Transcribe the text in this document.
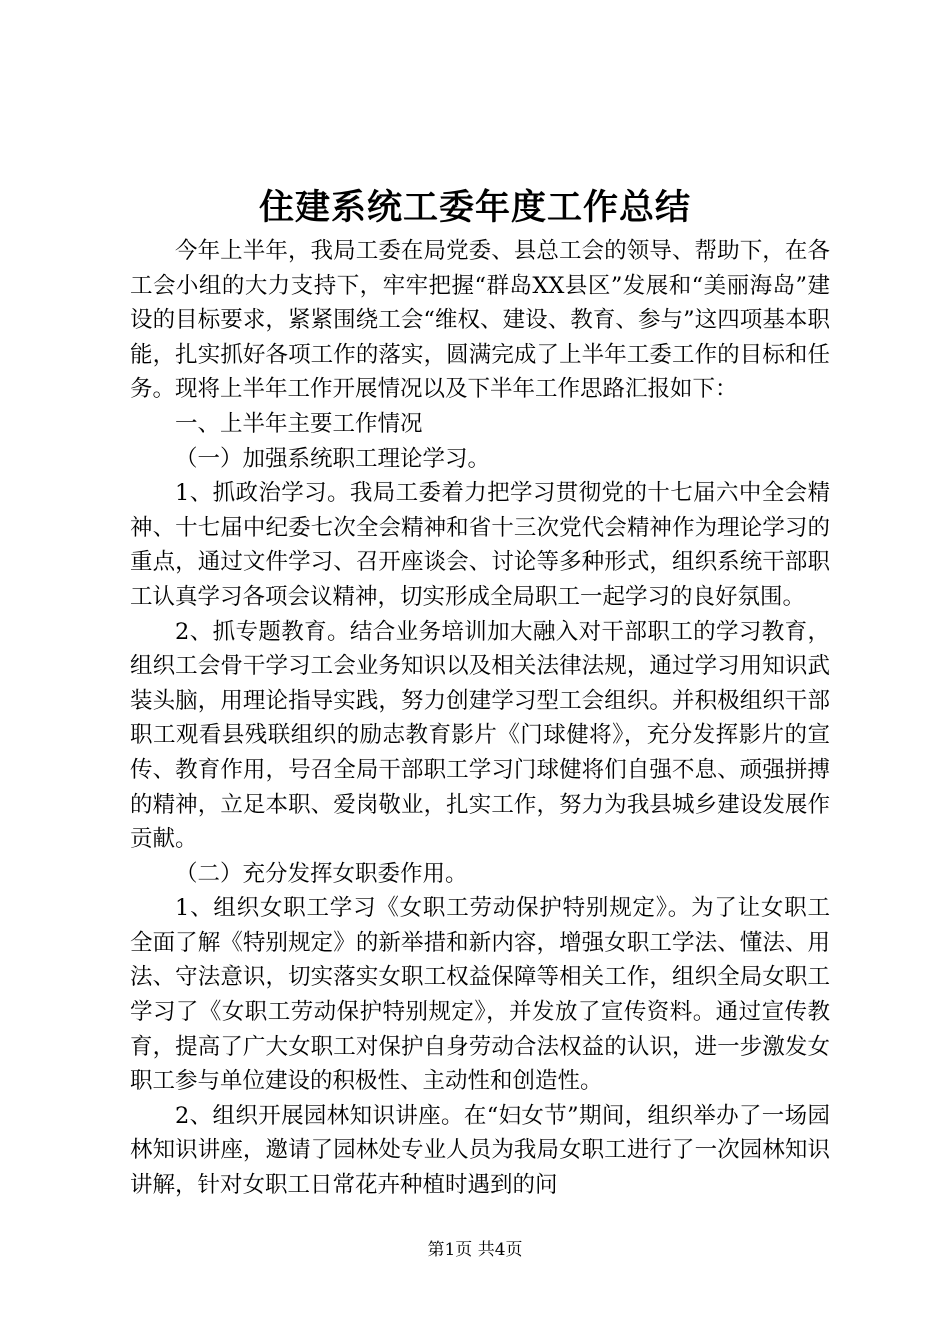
住建系统工委年度工作总结

今年上半年，我局工委在局党委、县总工会的领导、帮助下，在各工会小组的大力支持下，牢牢把握“群岛XX县区”发展和“美丽海岛”建设的目标要求，紧紧围绕工会“维权、建设、教育、参与”这四项基本职能，扎实抓好各项工作的落实，圆满完成了上半年工委工作的目标和任务。现将上半年工作开展情况以及下半年工作思路汇报如下：

一、上半年主要工作情况

（一）加强系统职工理论学习。

1、抓政治学习。我局工委着力把学习贯彻党的十七届六中全会精神、十七届中纪委七次全会精神和省十三次党代会精神作为理论学习的重点，通过文件学习、召开座谈会、讨论等多种形式，组织系统干部职工认真学习各项会议精神，切实形成全局职工一起学习的良好氛围。

2、抓专题教育。结合业务培训加大融入对干部职工的学习教育，组织工会骨干学习工会业务知识以及相关法律法规，通过学习用知识武装头脑，用理论指导实践，努力创建学习型工会组织。并积极组织干部职工观看县残联组织的励志教育影片《门球健将》，充分发挥影片的宣传、教育作用，号召全局干部职工学习门球健将们自强不息、顽强拼搏的精神，立足本职、爱岗敬业，扎实工作，努力为我县城乡建设发展作贡献。

（二）充分发挥女职委作用。

1、组织女职工学习《女职工劳动保护特别规定》。为了让女职工全面了解《特别规定》的新举措和新内容，增强女职工学法、懂法、用法、守法意识，切实落实女职工权益保障等相关工作，组织全局女职工学习了《女职工劳动保护特别规定》，并发放了宣传资料。通过宣传教育，提高了广大女职工对保护自身劳动合法权益的认识，进一步激发女职工参与单位建设的积极性、主动性和创造性。

2、组织开展园林知识讲座。在“妇女节”期间，组织举办了一场园林知识讲座，邀请了园林处专业人员为我局女职工进行了一次园林知识讲解，针对女职工日常花卉种植时遇到的问

第1页 共4页
